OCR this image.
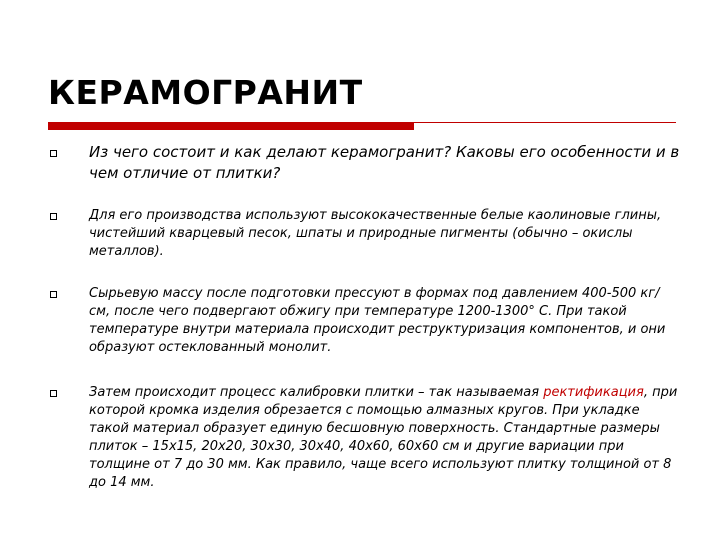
КЕРАМОГРАНИТ
Из чего состоит и как делают керамогранит? Каковы его особенности и в чем отличие от плитки?
Для его производства используют высококачественные белые каолиновые глины, чистейший кварцевый песок, шпаты и природные пигменты (обычно – окислы металлов).
Сырьевую массу после подготовки прессуют в формах под давлением 400-500 кг/см, после чего подвергают обжигу при температуре 1200-1300° С. При такой температуре внутри материала происходит реструктуризация компонентов, и они образуют остеклованный монолит.
Затем происходит процесс калибровки плитки – так называемая ректификация, при которой кромка изделия обрезается с помощью алмазных кругов. При укладке такой материал образует единую бесшовную поверхность. Стандартные размеры плиток – 15х15, 20х20, 30х30, 30х40, 40х60, 60х60 см и другие вариации при толщине от 7 до 30 мм. Как правило, чаще всего используют плитку толщиной от 8 до 14 мм.
